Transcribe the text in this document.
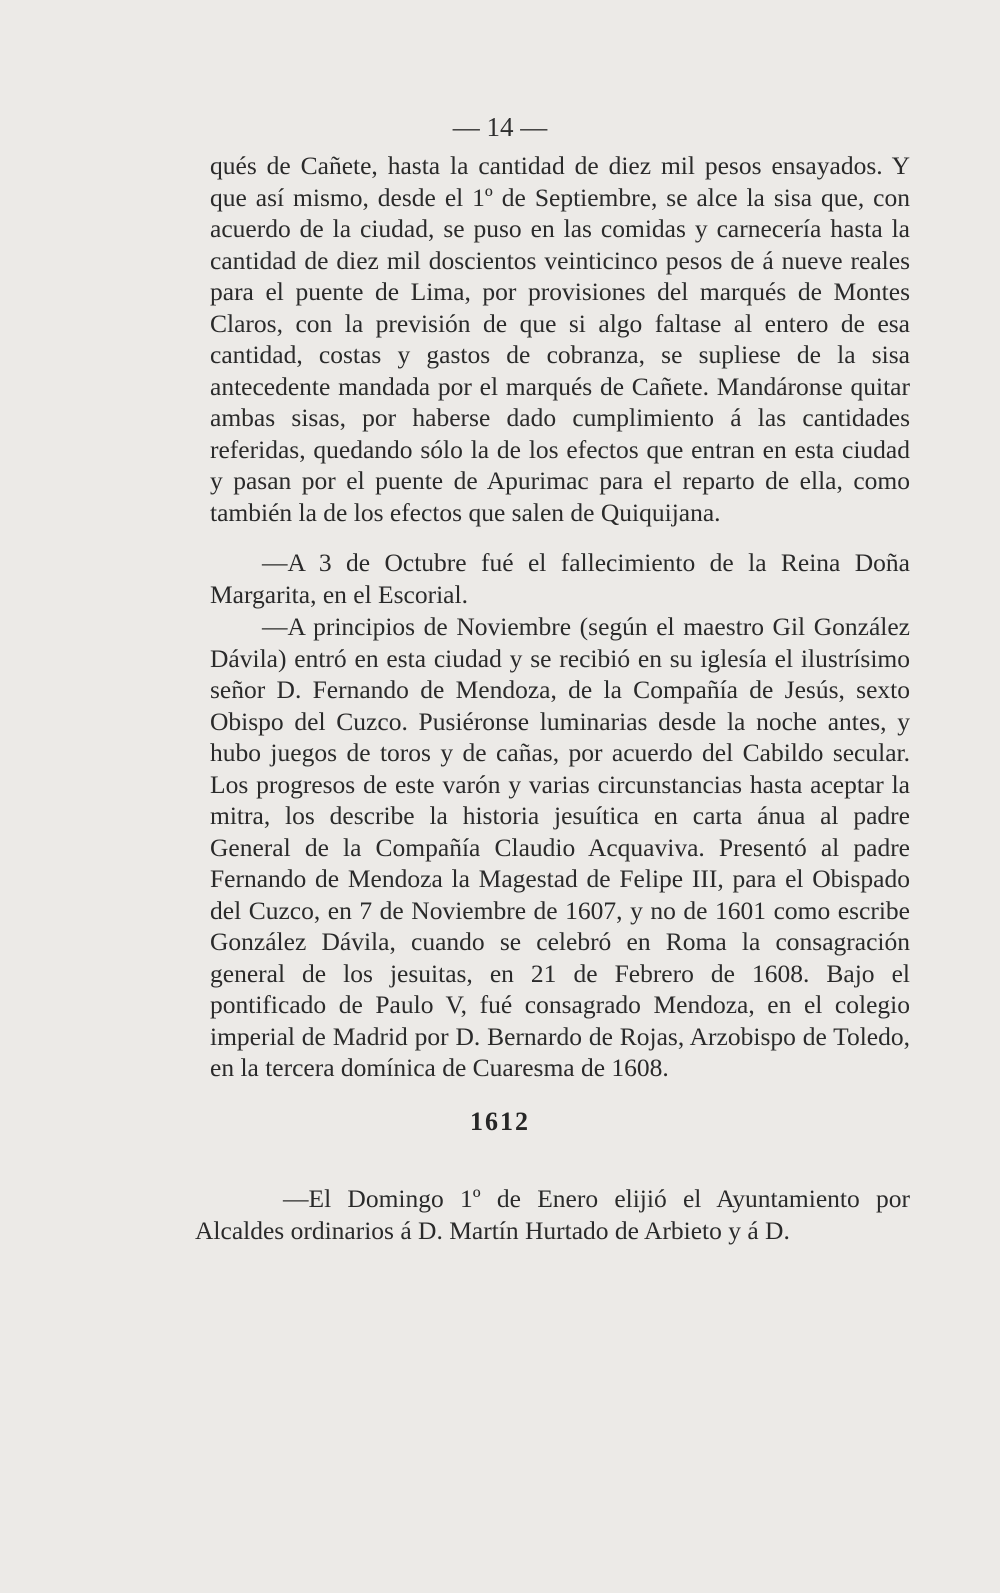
— 14 —

qués de Cañete, hasta la cantidad de diez mil pesos ensayados. Y que así mismo, desde el 1º de Septiembre, se alce la sisa que, con acuerdo de la ciudad, se puso en las comidas y carnecería hasta la cantidad de diez mil doscientos veinticinco pesos de á nueve reales para el puente de Lima, por provisiones del marqués de Montes Claros, con la previsión de que si algo faltase al entero de esa cantidad, costas y gastos de cobranza, se supliese de la sisa antecedente mandada por el marqués de Cañete. Mandáronse quitar ambas sisas, por haberse dado cumplimiento á las cantidades referidas, quedando sólo la de los efectos que entran en esta ciudad y pasan por el puente de Apurimac para el reparto de ella, como también la de los efectos que salen de Quiquijana.

—A 3 de Octubre fué el fallecimiento de la Reina Doña Margarita, en el Escorial.

—A principios de Noviembre (según el maestro Gil González Dávila) entró en esta ciudad y se recibió en su iglesía el ilustrísimo señor D. Fernando de Mendoza, de la Compañía de Jesús, sexto Obispo del Cuzco. Pusiéronse luminarias desde la noche antes, y hubo juegos de toros y de cañas, por acuerdo del Cabildo secular. Los progresos de este varón y varias circunstancias hasta aceptar la mitra, los describe la historia jesuítica en carta ánua al padre General de la Compañía Claudio Acquaviva. Presentó al padre Fernando de Mendoza la Magestad de Felipe III, para el Obispado del Cuzco, en 7 de Noviembre de 1607, y no de 1601 como escribe González Dávila, cuando se celebró en Roma la consagración general de los jesuitas, en 21 de Febrero de 1608. Bajo el pontificado de Paulo V, fué consagrado Mendoza, en el colegio imperial de Madrid por D. Bernardo de Rojas, Arzobispo de Toledo, en la tercera domínica de Cuaresma de 1608.

1612

—El Domingo 1º de Enero elijió el Ayuntamiento por Alcaldes ordinarios á D. Martín Hurtado de Arbieto y á D.
